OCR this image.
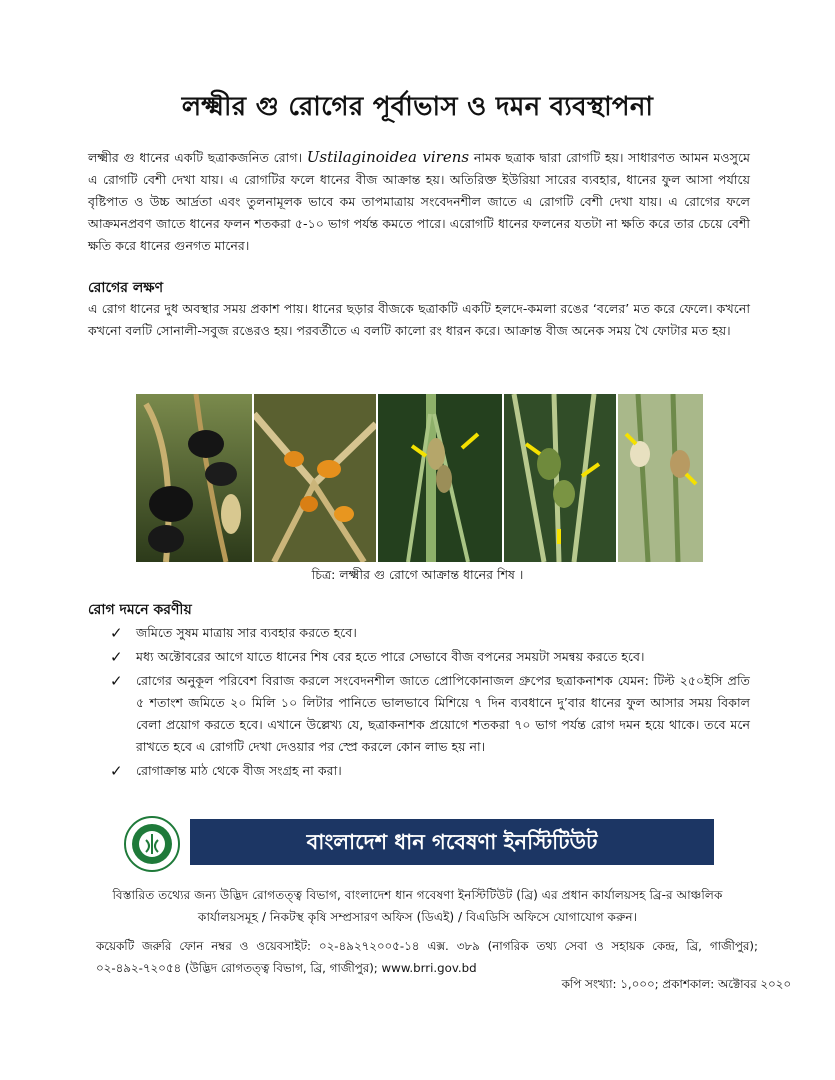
লক্ষ্মীর গু রোগের পূর্বাভাস ও দমন ব্যবস্থাপনা
লক্ষ্মীর গু ধানের একটি ছত্রাকজনিত রোগ। Ustilaginoidea virens নামক ছত্রাক দ্বারা রোগটি হয়। সাধারণত আমন মওসুমে এ রোগটি বেশী দেখা যায়। এ রোগটির ফলে ধানের বীজ আক্রান্ত হয়। অতিরিক্ত ইউরিয়া সারের ব্যবহার, ধানের ফুল আসা পর্যায়ে বৃষ্টিপাত ও উচ্চ আর্দ্রতা এবং তুলনামূলক ভাবে কম তাপমাত্রায় সংবেদনশীল জাতে এ রোগটি বেশী দেখা যায়। এ রোগের ফলে আক্রমনপ্রবণ জাতে ধানের ফলন শতকরা ৫-১০ ভাগ পর্যন্ত কমতে পারে। এরোগটি ধানের ফলনের যতটা না ক্ষতি করে তার চেয়ে বেশী ক্ষতি করে ধানের গুনগত মানের।
রোগের লক্ষণ
এ রোগ ধানের দুধ অবস্থার সময় প্রকাশ পায়। ধানের ছড়ার বীজকে ছত্রাকটি একটি হলদে-কমলা রঙের ‘বলের’ মত করে ফেলে। কখনো কখনো বলটি সোনালী-সবুজ রঙেরও হয়। পরবর্তীতে এ বলটি কালো রং ধারন করে। আক্রান্ত বীজ অনেক সময় খৈ ফোটার মত হয়।
চিত্র: লক্ষ্মীর গু রোগে আক্রান্ত ধানের শিষ ।
রোগ দমনে করণীয়
✓ জমিতে সুষম মাত্রায় সার ব্যবহার করতে হবে।
✓ মধ্য অক্টোবরের আগে যাতে ধানের শিষ বের হতে পারে সেভাবে বীজ বপনের সময়টা সমন্বয় করতে হবে।
✓ রোগের অনুকূল পরিবেশ বিরাজ করলে সংবেদনশীল জাতে প্রোপিকোনাজল গ্রুপের ছত্রাকনাশক যেমন: টিল্ট ২৫০ইসি প্রতি ৫ শতাংশ জমিতে ২০ মিলি ১০ লিটার পানিতে ভালভাবে মিশিয়ে ৭ দিন ব্যবধানে দু’বার ধানের ফুল আসার সময় বিকাল বেলা প্রয়োগ করতে হবে। এখানে উল্লেখ্য যে, ছত্রাকনাশক প্রয়োগে শতকরা ৭০ ভাগ পর্যন্ত রোগ দমন হয়ে থাকে। তবে মনে রাখতে হবে এ রোগটি দেখা দেওয়ার পর স্প্রে করলে কোন লাভ হয় না।
✓ রোগাক্রান্ত মাঠ থেকে বীজ সংগ্রহ না করা।
বাংলাদেশ ধান গবেষণা ইনস্টিটিউট
বিস্তারিত তথ্যের জন্য উদ্ভিদ রোগতত্ত্ব বিভাগ, বাংলাদেশ ধান গবেষণা ইনস্টিটিউট (ব্রি) এর প্রধান কার্যালয়সহ ব্রি-র আঞ্চলিক কার্যালয়সমূহ / নিকটস্থ কৃষি সম্প্রসারণ অফিস (ডিএই) / বিএডিসি অফিসে যোগাযোগ করুন।
কয়েকটি জরুরি ফোন নম্বর ও ওয়েবসাইট: ০২-৪৯২৭২০০৫-১৪ এক্স. ৩৮৯ (নাগরিক তথ্য সেবা ও সহায়ক কেন্দ্র, ব্রি, গাজীপুর); ০২-৪৯২-৭২০৫৪ (উদ্ভিদ রোগতত্ত্ব বিভাগ, ব্রি, গাজীপুর); www.brri.gov.bd
কপি সংখ্যা: ১,০০০; প্রকাশকাল: অক্টোবর ২০২০
